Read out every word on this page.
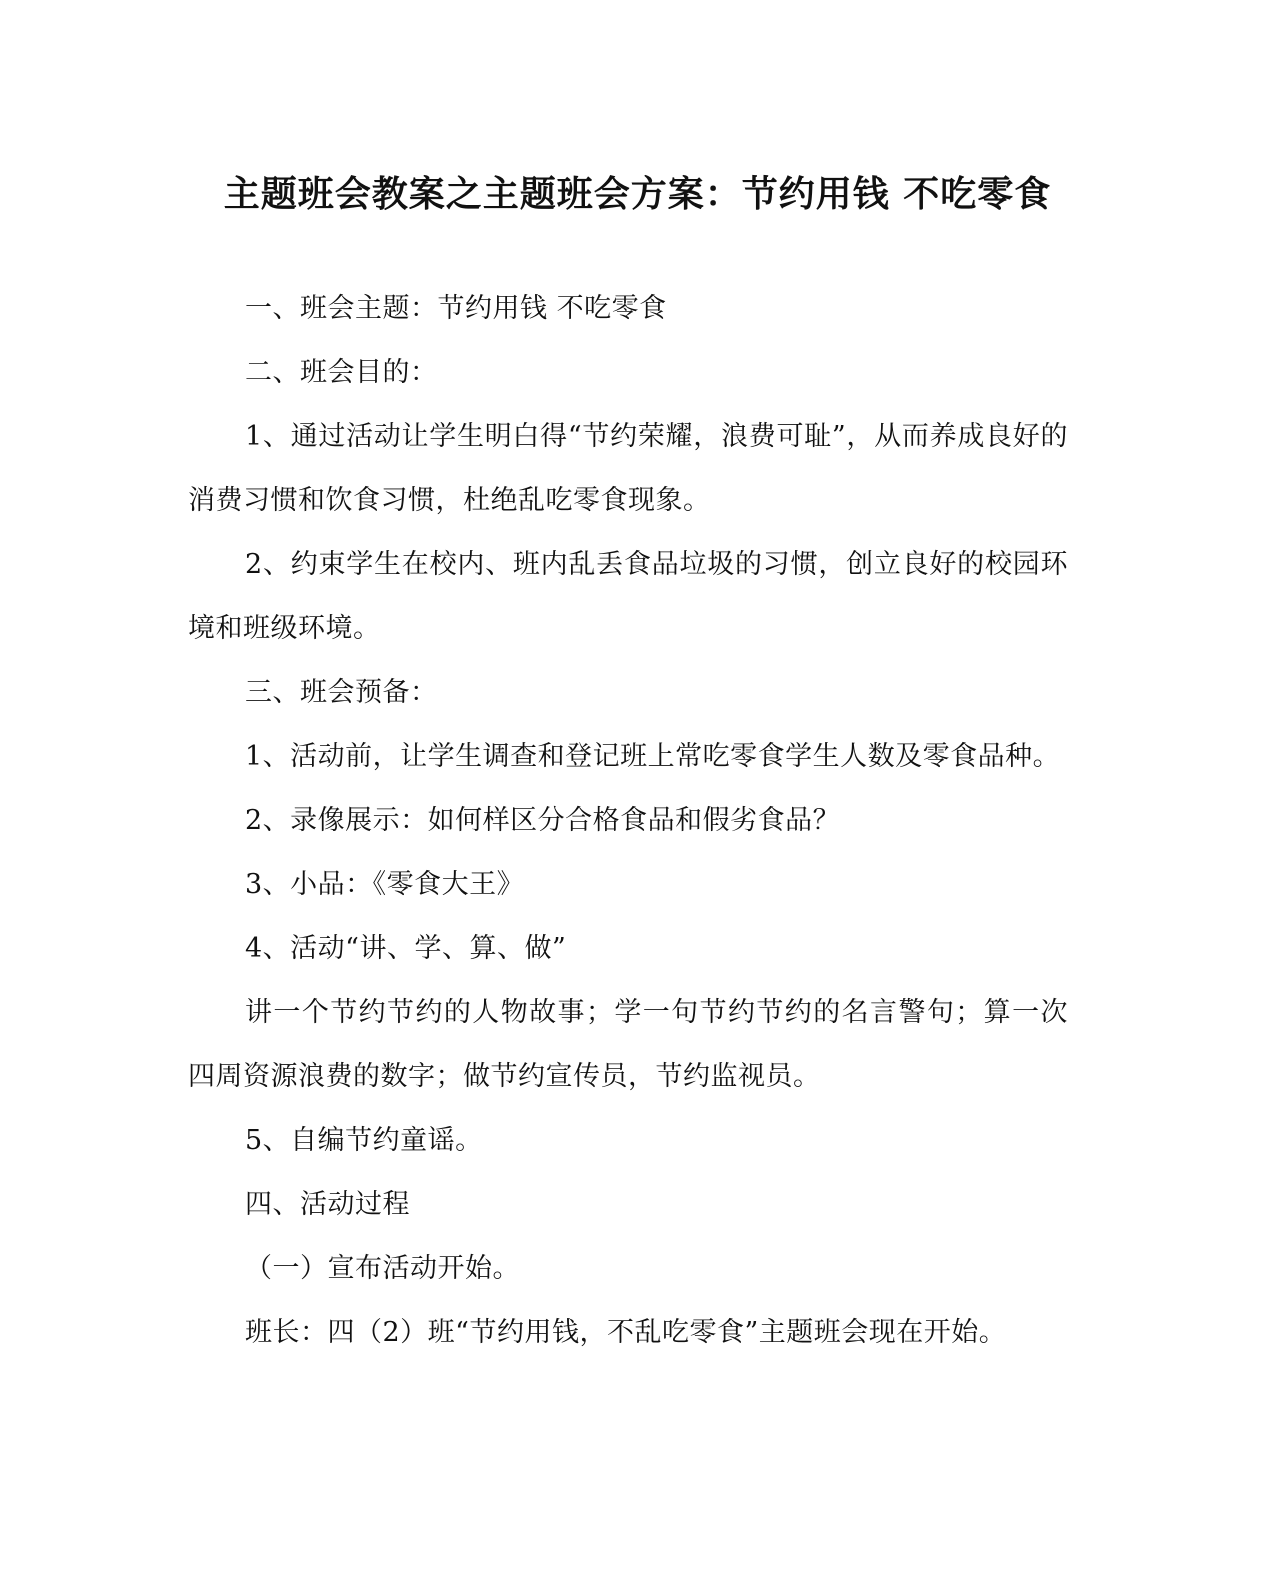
主题班会教案之主题班会方案：节约用钱 不吃零食

一、班会主题：节约用钱 不吃零食

二、班会目的：

1、通过活动让学生明白得“节约荣耀，浪费可耻”，从而养成良好的消费习惯和饮食习惯，杜绝乱吃零食现象。

2、约束学生在校内、班内乱丢食品垃圾的习惯，创立良好的校园环境和班级环境。

三、班会预备：

1、活动前，让学生调查和登记班上常吃零食学生人数及零食品种。

2、录像展示：如何样区分合格食品和假劣食品？

3、小品：《零食大王》

4、活动“讲、学、算、做”

讲一个节约节约的人物故事；学一句节约节约的名言警句；算一次四周资源浪费的数字；做节约宣传员，节约监视员。

5、自编节约童谣。

四、活动过程

（一）宣布活动开始。

班长：四（2）班“节约用钱，不乱吃零食”主题班会现在开始。
